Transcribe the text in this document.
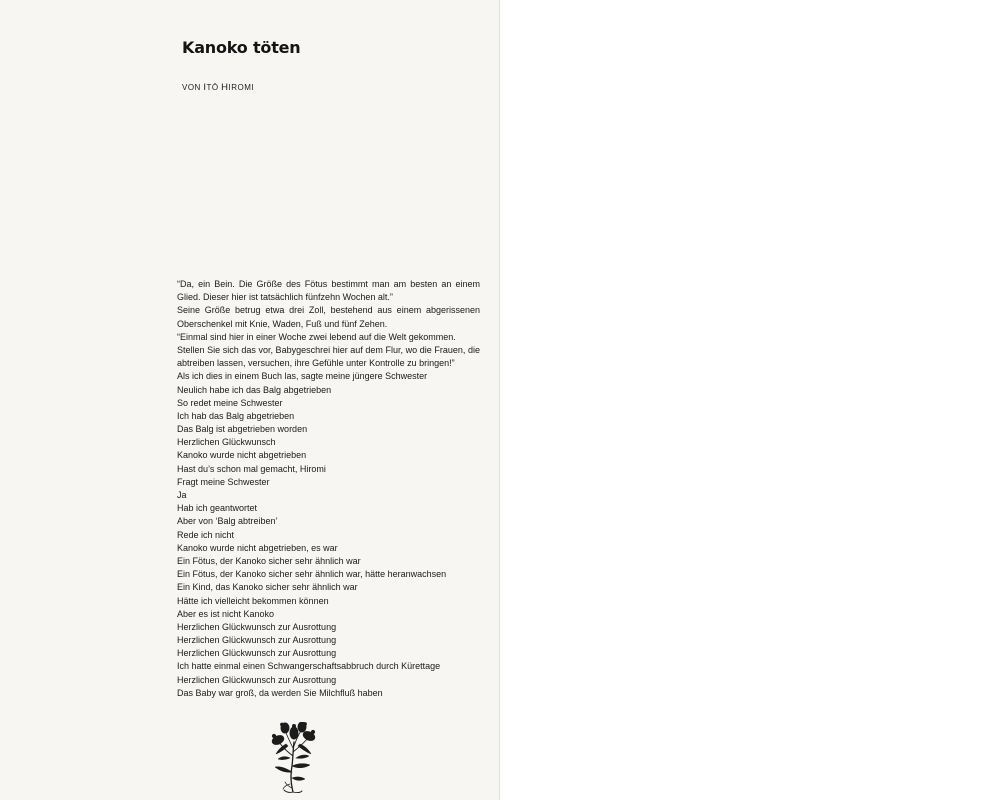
Kanoko töten

VON ITŌ HIROMI

“Da, ein Bein. Die Größe des Fötus bestimmt man am besten an einem

Glied. Dieser hier ist tatsächlich fünfzehn Wochen alt.”

Seine Größe betrug etwa drei Zoll, bestehend aus einem abgerissenen

Oberschenkel mit Knie, Waden, Fuß und fünf Zehen.

“Einmal sind hier in einer Woche zwei lebend auf die Welt gekommen.

Stellen Sie sich das vor, Babygeschrei hier auf dem Flur, wo die Frauen, die

abtreiben lassen, versuchen, ihre Gefühle unter Kontrolle zu bringen!”

Als ich dies in einem Buch las, sagte meine jüngere Schwester

Neulich habe ich das Balg abgetrieben

So redet meine Schwester

Ich hab das Balg abgetrieben

Das Balg ist abgetrieben worden

Herzlichen Glückwunsch

Kanoko wurde nicht abgetrieben

Hast du’s schon mal gemacht, Hiromi

Fragt meine Schwester

Ja

Hab ich geantwortet

Aber von ‘Balg abtreiben’

Rede ich nicht

Kanoko wurde nicht abgetrieben, es war

Ein Fötus, der Kanoko sicher sehr ähnlich war

Ein Fötus, der Kanoko sicher sehr ähnlich war, hätte heranwachsen

Ein Kind, das Kanoko sicher sehr ähnlich war

Hätte ich vielleicht bekommen können

Aber es ist nicht Kanoko

Herzlichen Glückwunsch zur Ausrottung

Herzlichen Glückwunsch zur Ausrottung

Herzlichen Glückwunsch zur Ausrottung

Ich hatte einmal einen Schwangerschaftsabbruch durch Kürettage

Herzlichen Glückwunsch zur Ausrottung

Das Baby war groß, da werden Sie Milchfluß haben
